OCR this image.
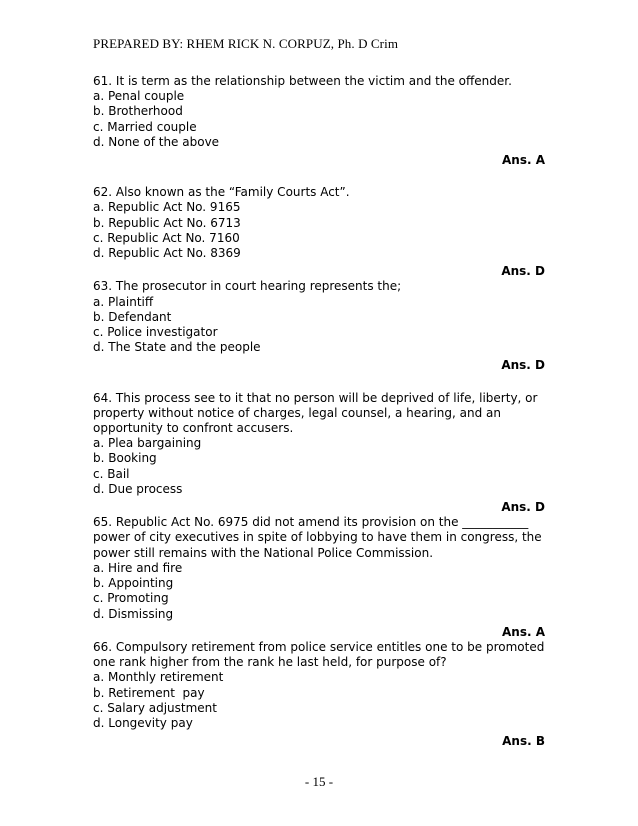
PREPARED BY: RHEM RICK N. CORPUZ, Ph. D Crim
61. It is term as the relationship between the victim and the offender.
a. Penal couple
b. Brotherhood
c. Married couple
d. None of the above
Ans. A
62. Also known as the “Family Courts Act”.
a. Republic Act No. 9165
b. Republic Act No. 6713
c. Republic Act No. 7160
d. Republic Act No. 8369
Ans. D
63. The prosecutor in court hearing represents the;
a. Plaintiff
b. Defendant
c. Police investigator
d. The State and the people
Ans. D
64. This process see to it that no person will be deprived of life, liberty, or property without notice of charges, legal counsel, a hearing, and an opportunity to confront accusers.
a. Plea bargaining
b. Booking
c. Bail
d. Due process
Ans. D
65. Republic Act No. 6975 did not amend its provision on the ___________ power of city executives in spite of lobbying to have them in congress, the power still remains with the National Police Commission.
a. Hire and fire
b. Appointing
c. Promoting
d. Dismissing
Ans. A
66. Compulsory retirement from police service entitles one to be promoted one rank higher from the rank he last held, for purpose of?
a. Monthly retirement
b. Retirement  pay
c. Salary adjustment
d. Longevity pay
Ans. B
- 15 -
